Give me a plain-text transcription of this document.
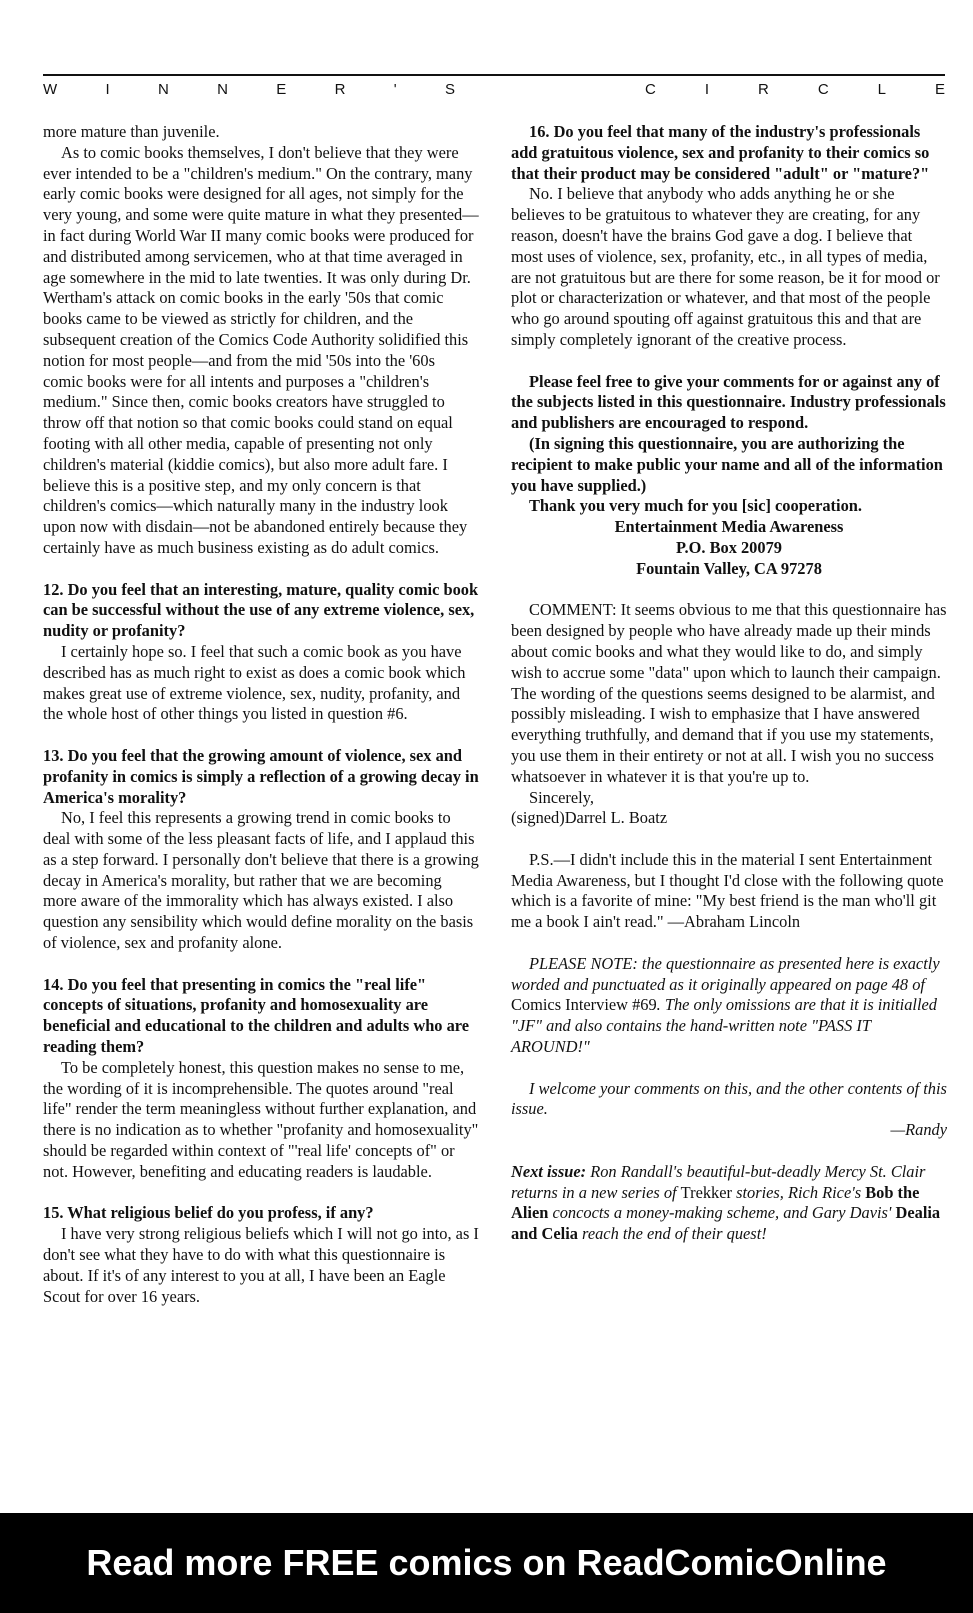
W	I	N	N	E	R	'	S	C	I	R	C	L	E

more mature than juvenile.

As to comic books themselves, I don't believe that they were ever intended to be a "children's medium." On the contrary, many early comic books were designed for all ages, not simply for the very young, and some were quite mature in what they presented—in fact during World War II many comic books were produced for and distributed among servicemen, who at that time averaged in age somewhere in the mid to late twenties. It was only during Dr. Wertham's attack on comic books in the early '50s that comic books came to be viewed as strictly for children, and the subsequent creation of the Comics Code Authority solidified this notion for most people—and from the mid '50s into the '60s comic books were for all intents and purposes a "children's medium." Since then, comic books creators have struggled to throw off that notion so that comic books could stand on equal footing with all other media, capable of presenting not only children's material (kiddie comics), but also more adult fare. I believe this is a positive step, and my only concern is that children's comics—which naturally many in the industry look upon now with disdain—not be abandoned entirely because they certainly have as much business existing as do adult comics.

12. Do you feel that an interesting, mature, quality comic book can be successful without the use of any extreme violence, sex, nudity or profanity?

I certainly hope so. I feel that such a comic book as you have described has as much right to exist as does a comic book which makes great use of extreme violence, sex, nudity, profanity, and the whole host of other things you listed in question #6.

13. Do you feel that the growing amount of violence, sex and profanity in comics is simply a reflection of a growing decay in America's morality?

No, I feel this represents a growing trend in comic books to deal with some of the less pleasant facts of life, and I applaud this as a step forward. I personally don't believe that there is a growing decay in America's morality, but rather that we are becoming more aware of the immorality which has always existed. I also question any sensibility which would define morality on the basis of violence, sex and profanity alone.

14. Do you feel that presenting in comics the "real life" concepts of situations, profanity and homosexuality are beneficial and educational to the children and adults who are reading them?

To be completely honest, this question makes no sense to me, the wording of it is incomprehensible. The quotes around "real life" render the term meaningless without further explanation, and there is no indication as to whether "profanity and homosexuality" should be regarded within context of "'real life' concepts of" or not. However, benefiting and educating readers is laudable.

15. What religious belief do you profess, if any?

I have very strong religious beliefs which I will not go into, as I don't see what they have to do with what this questionnaire is about. If it's of any interest to you at all, I have been an Eagle Scout for over 16 years.

16. Do you feel that many of the industry's professionals add gratuitous violence, sex and profanity to their comics so that their product may be considered "adult" or "mature?"

No. I believe that anybody who adds anything he or she believes to be gratuitous to whatever they are creating, for any reason, doesn't have the brains God gave a dog. I believe that most uses of violence, sex, profanity, etc., in all types of media, are not gratuitous but are there for some reason, be it for mood or plot or characterization or whatever, and that most of the people who go around spouting off against gratuitous this and that are simply completely ignorant of the creative process.

Please feel free to give your comments for or against any of the subjects listed in this questionnaire. Industry professionals and publishers are encouraged to respond.

(In signing this questionnaire, you are authorizing the recipient to make public your name and all of the information you have supplied.)

Thank you very much for you [sic] cooperation.

Entertainment Media Awareness

P.O. Box 20079

Fountain Valley, CA 97278

COMMENT: It seems obvious to me that this questionnaire has been designed by people who have already made up their minds about comic books and what they would like to do, and simply wish to accrue some "data" upon which to launch their campaign. The wording of the questions seems designed to be alarmist, and possibly misleading. I wish to emphasize that I have answered everything truthfully, and demand that if you use my statements, you use them in their entirety or not at all. I wish you no success whatsoever in whatever it is that you're up to.

Sincerely,

(signed)Darrel L. Boatz

P.S.—I didn't include this in the material I sent Entertainment Media Awareness, but I thought I'd close with the following quote which is a favorite of mine: "My best friend is the man who'll git me a book I ain't read." —Abraham Lincoln

PLEASE NOTE: the questionnaire as presented here is exactly worded and punctuated as it originally appeared on page 48 of Comics Interview #69. The only omissions are that it is initialled "JF" and also contains the hand-written note "PASS IT AROUND!"

I welcome your comments on this, and the other contents of this issue.

—Randy

Next issue: Ron Randall's beautiful-but-deadly Mercy St. Clair returns in a new series of Trekker stories, Rich Rice's Bob the Alien concocts a money-making scheme, and Gary Davis' Dealia and Celia reach the end of their quest!

Read more FREE comics on ReadComicOnline
